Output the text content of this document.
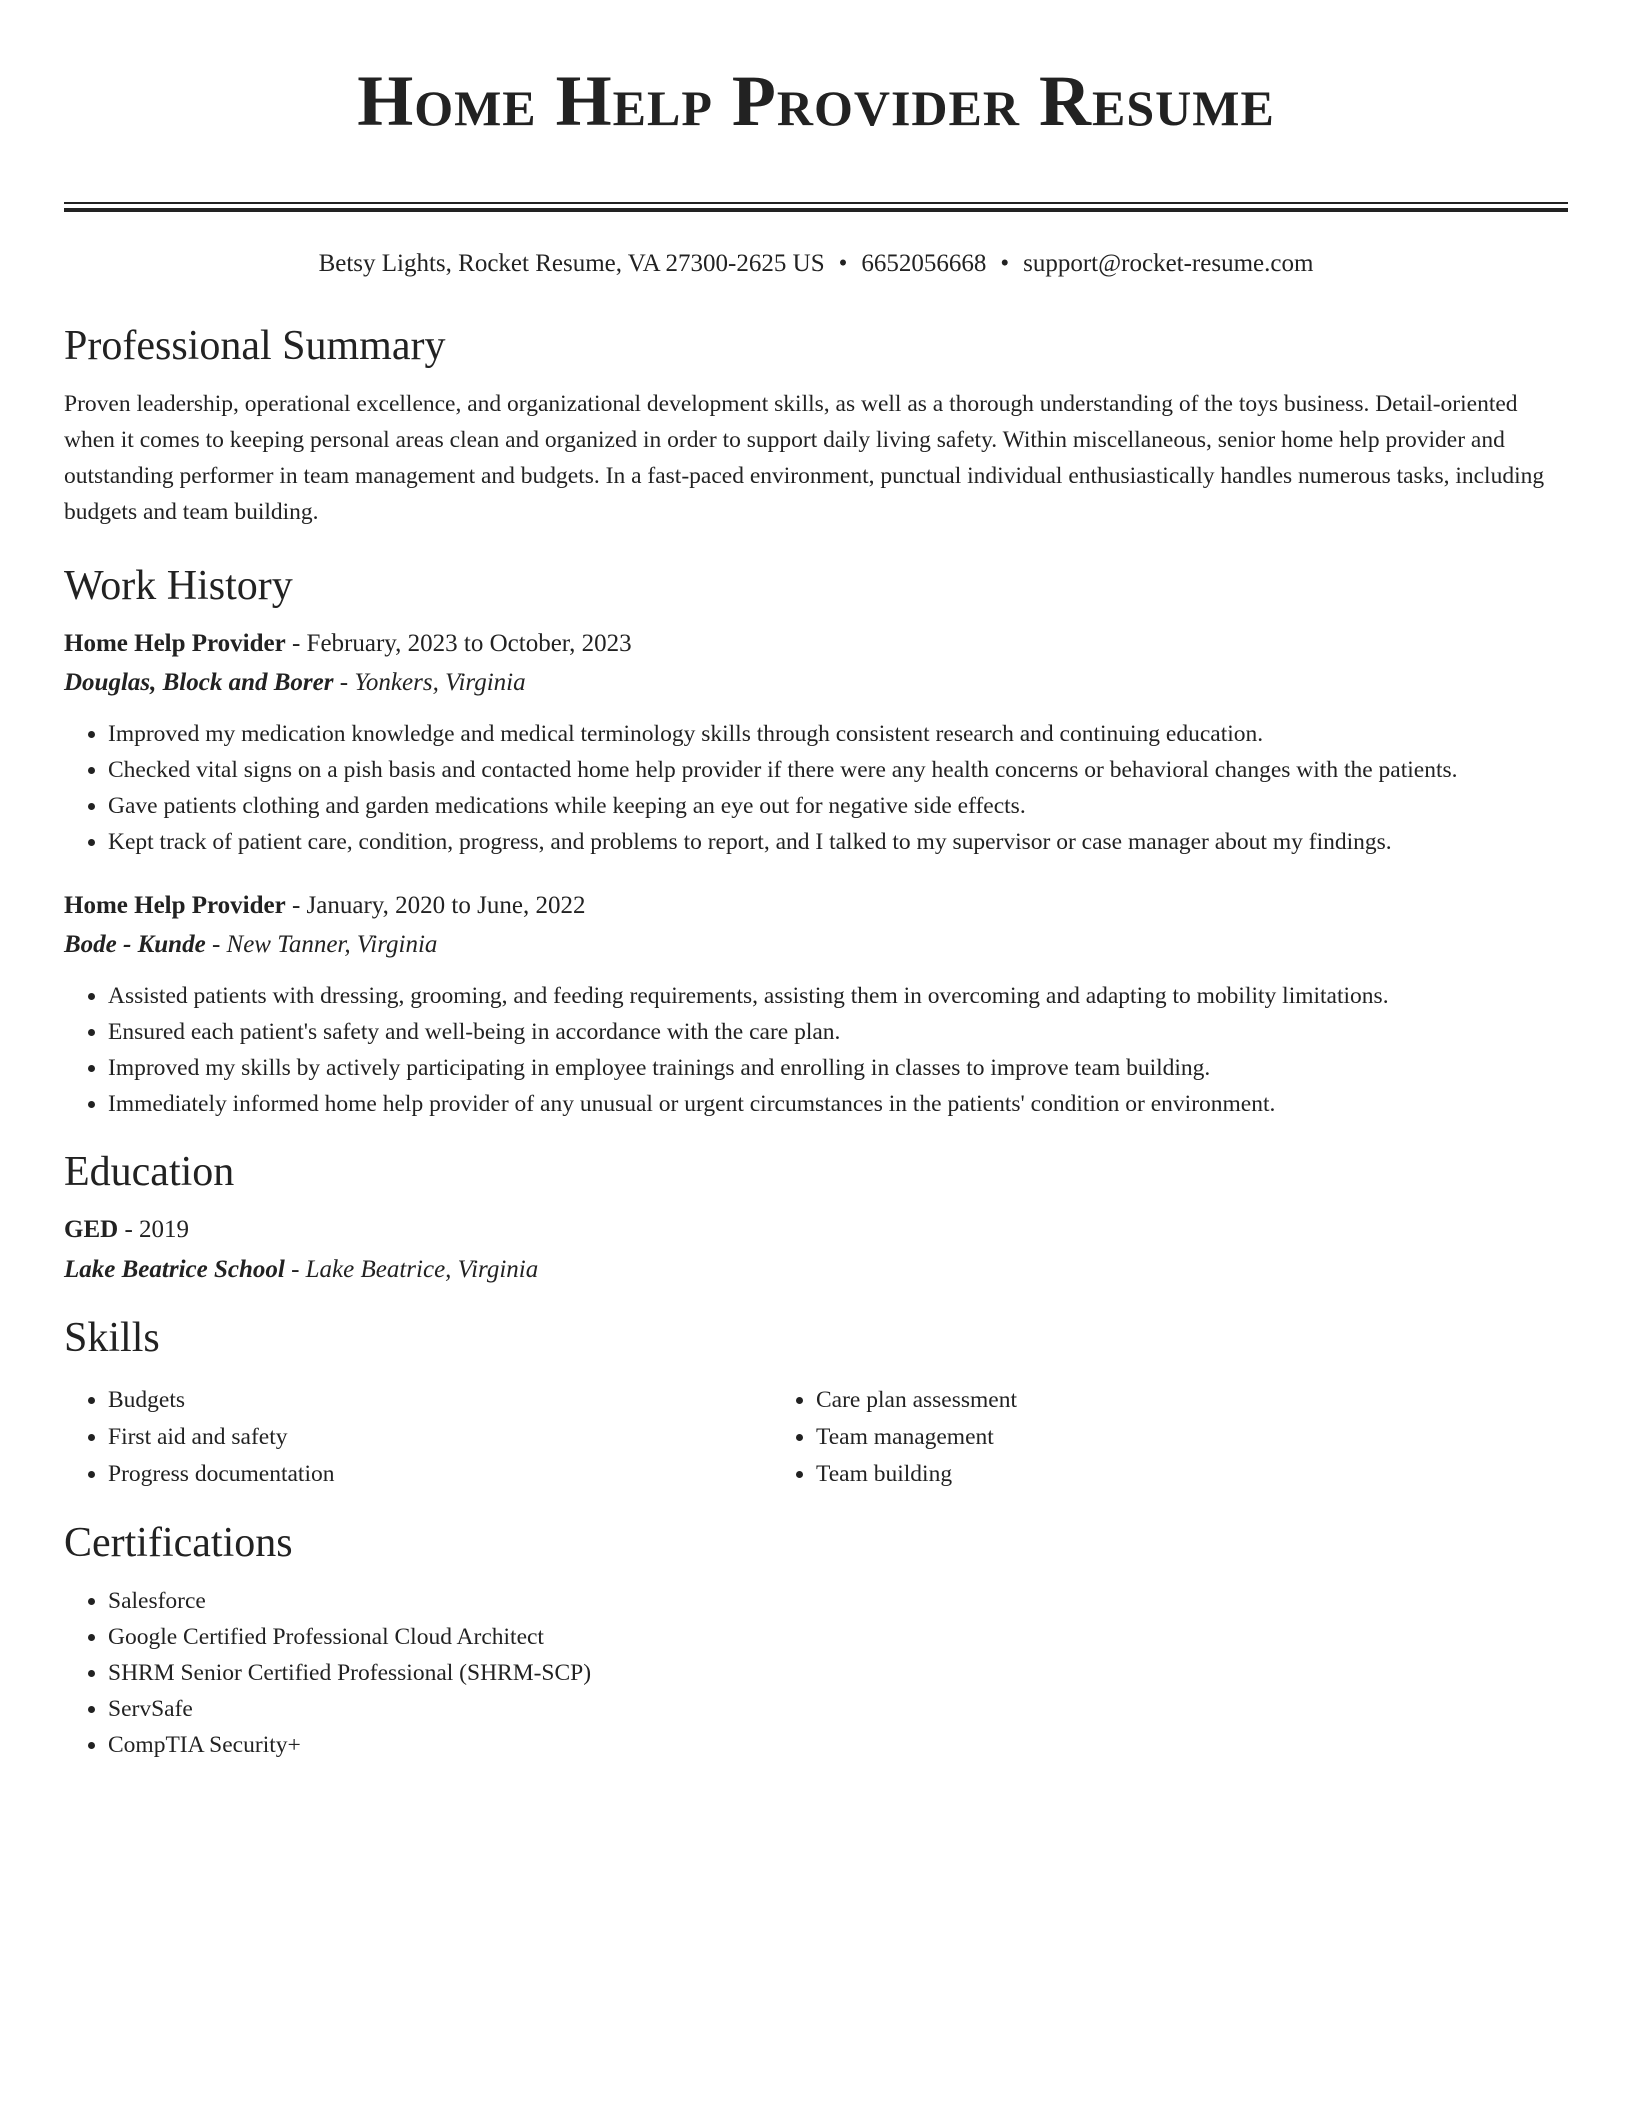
Home Help Provider Resume
Betsy Lights, Rocket Resume, VA 27300-2625 US • 6652056668 • support@rocket-resume.com
Professional Summary

Proven leadership, operational excellence, and organizational development skills, as well as a thorough understanding of the toys business. Detail-oriented when it comes to keeping personal areas clean and organized in order to support daily living safety. Within miscellaneous, senior home help provider and outstanding performer in team management and budgets. In a fast-paced environment, punctual individual enthusiastically handles numerous tasks, including budgets and team building.

Work History
Home Help Provider - February, 2023 to October, 2023
Douglas, Block and Borer - Yonkers, Virginia
• Improved my medication knowledge and medical terminology skills through consistent research and continuing education.
• Checked vital signs on a pish basis and contacted home help provider if there were any health concerns or behavioral changes with the patients.
• Gave patients clothing and garden medications while keeping an eye out for negative side effects.
• Kept track of patient care, condition, progress, and problems to report, and I talked to my supervisor or case manager about my findings.
Home Help Provider - January, 2020 to June, 2022
Bode - Kunde - New Tanner, Virginia
• Assisted patients with dressing, grooming, and feeding requirements, assisting them in overcoming and adapting to mobility limitations.
• Ensured each patient's safety and well-being in accordance with the care plan.
• Improved my skills by actively participating in employee trainings and enrolling in classes to improve team building.
• Immediately informed home help provider of any unusual or urgent circumstances in the patients' condition or environment.
Education
GED - 2019
Lake Beatrice School - Lake Beatrice, Virginia
Skills
• Budgets
• First aid and safety
• Progress documentation
• Care plan assessment
• Team management
• Team building
Certifications
• Salesforce
• Google Certified Professional Cloud Architect
• SHRM Senior Certified Professional (SHRM-SCP)
• ServSafe
• CompTIA Security+
